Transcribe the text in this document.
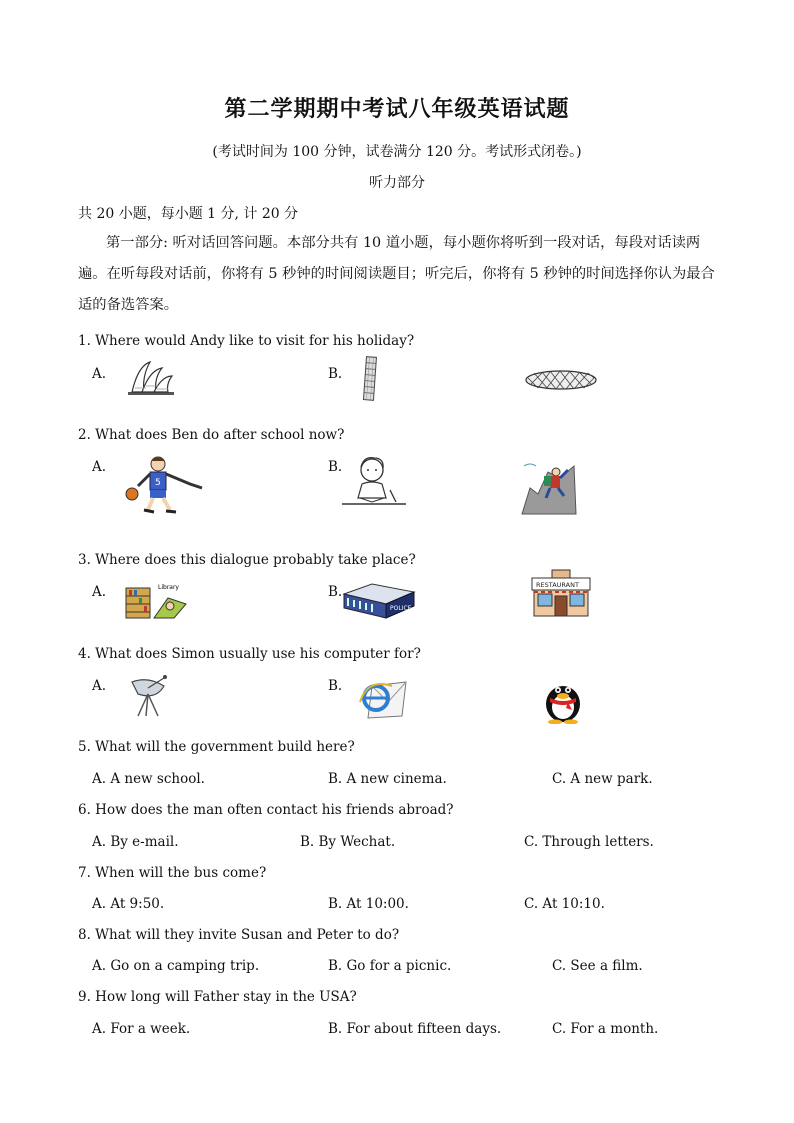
第二学期期中考试八年级英语试题
(考试时间为 100 分钟，试卷满分 120 分。考试形式闭卷。)
听力部分
共 20 小题，每小题 1 分, 计 20 分
第一部分: 听对话回答问题。本部分共有 10 道小题，每小题你将听到一段对话，每段对话读两遍。在听每段对话前，你将有 5 秒钟的时间阅读题目；听完后，你将有 5 秒钟的时间选择你认为最合适的备选答案。
1. Where would Andy like to visit for his holiday?
A.	B.
2. What does Ben do after school now?
A.	B.
5
3. Where does this dialogue probably take place?
A.	B.
Library
POLICE
RESTAURANT
4. What does Simon usually use his computer for?
A.	B.
5. What will the government build here?
A. A new school.	B. A new cinema.	C. A new park.
6. How does the man often contact his friends abroad?
A. By e-mail.	B. By Wechat.	C. Through letters.
7. When will the bus come?
A. At 9:50.	B. At 10:00.	C. At 10:10.
8. What will they invite Susan and Peter to do?
A. Go on a camping trip.	B. Go for a picnic.	C. See a film.
9. How long will Father stay in the USA?
A. For a week.	B. For about fifteen days.	C. For a month.
